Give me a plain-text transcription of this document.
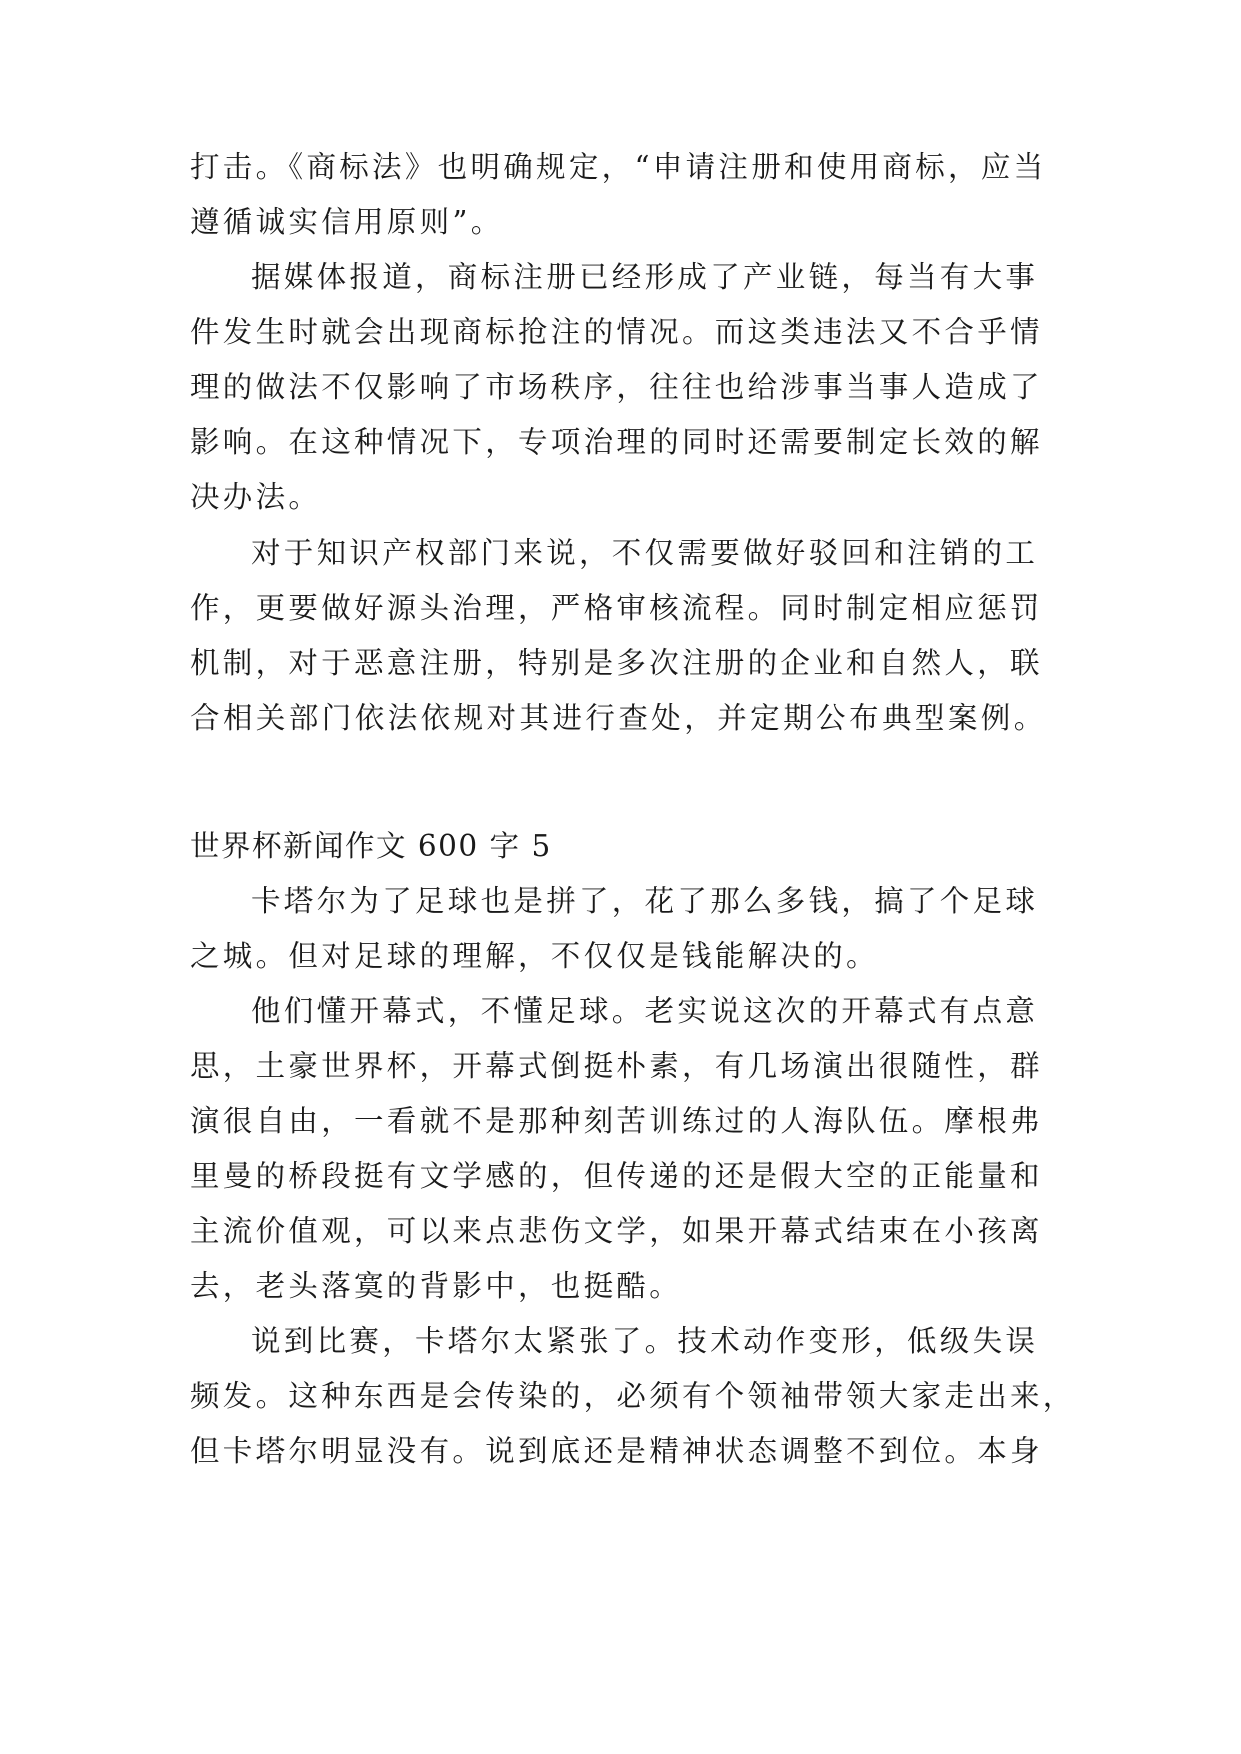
打击。《商标法》也明确规定，“申请注册和使用商标，应当
遵循诚实信用原则”。
据媒体报道，商标注册已经形成了产业链，每当有大事
件发生时就会出现商标抢注的情况。而这类违法又不合乎情
理的做法不仅影响了市场秩序，往往也给涉事当事人造成了
影响。在这种情况下，专项治理的同时还需要制定长效的解
决办法。
对于知识产权部门来说，不仅需要做好驳回和注销的工
作，更要做好源头治理，严格审核流程。同时制定相应惩罚
机制，对于恶意注册，特别是多次注册的企业和自然人，联
合相关部门依法依规对其进行查处，并定期公布典型案例。
世界杯新闻作文 600 字 5
卡塔尔为了足球也是拼了，花了那么多钱，搞了个足球
之城。但对足球的理解，不仅仅是钱能解决的。
他们懂开幕式，不懂足球。老实说这次的开幕式有点意
思，土豪世界杯，开幕式倒挺朴素，有几场演出很随性，群
演很自由，一看就不是那种刻苦训练过的人海队伍。摩根弗
里曼的桥段挺有文学感的，但传递的还是假大空的正能量和
主流价值观，可以来点悲伤文学，如果开幕式结束在小孩离
去，老头落寞的背影中，也挺酷。
说到比赛，卡塔尔太紧张了。技术动作变形，低级失误
频发。这种东西是会传染的，必须有个领袖带领大家走出来，
但卡塔尔明显没有。说到底还是精神状态调整不到位。本身
